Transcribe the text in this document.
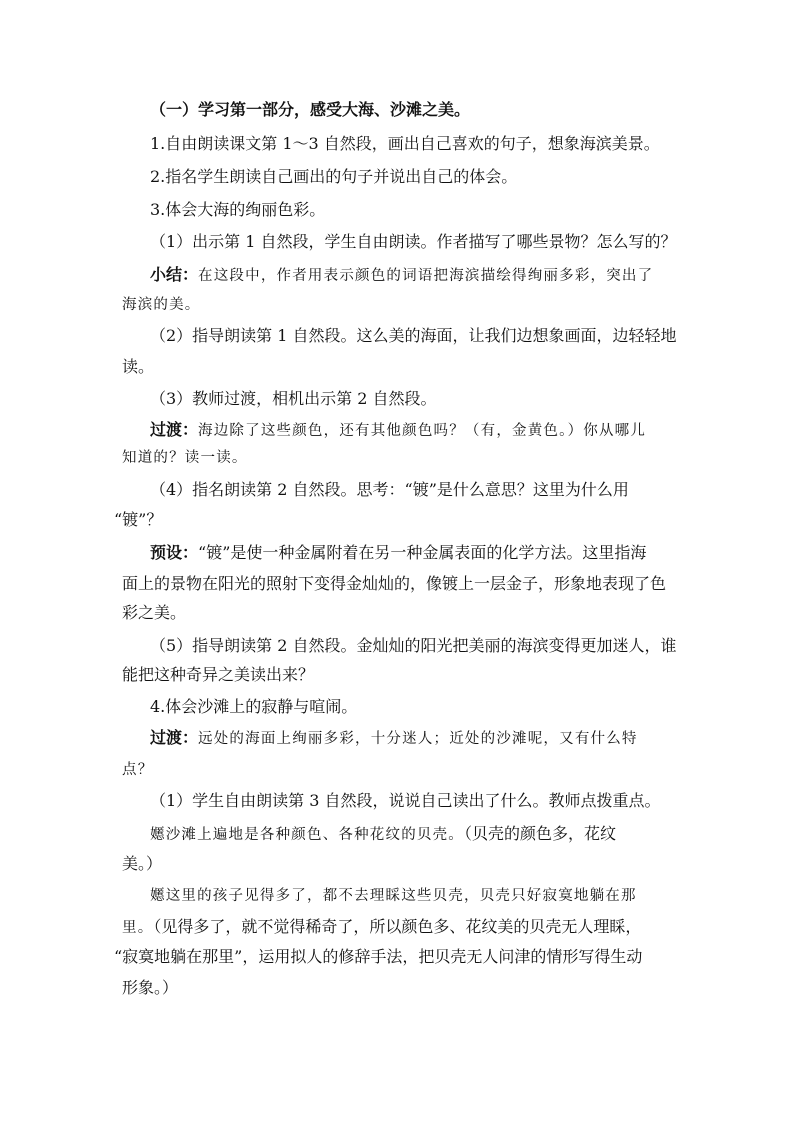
（一）学习第一部分，感受大海、沙滩之美。
1.自由朗读课文第 1～3 自然段，画出自己喜欢的句子，想象海滨美景。
2.指名学生朗读自己画出的句子并说出自己的体会。
3.体会大海的绚丽色彩。
（1）出示第 1 自然段，学生自由朗读。作者描写了哪些景物？怎么写的？
小结：在这段中，作者用表示颜色的词语把海滨描绘得绚丽多彩，突出了
海滨的美。
（2）指导朗读第 1 自然段。这么美的海面，让我们边想象画面，边轻轻地
读。
（3）教师过渡，相机出示第 2 自然段。
过渡：海边除了这些颜色，还有其他颜色吗？（有，金黄色。）你从哪儿
知道的？读一读。
（4）指名朗读第 2 自然段。思考：“镀”是什么意思？这里为什么用
“镀”？
预设：“镀”是使一种金属附着在另一种金属表面的化学方法。这里指海
面上的景物在阳光的照射下变得金灿灿的，像镀上一层金子，形象地表现了色
彩之美。
（5）指导朗读第 2 自然段。金灿灿的阳光把美丽的海滨变得更加迷人，谁
能把这种奇异之美读出来？
4.体会沙滩上的寂静与喧闹。
过渡：远处的海面上绚丽多彩，十分迷人；近处的沙滩呢，又有什么特
点？
（1）学生自由朗读第 3 自然段，说说自己读出了什么。教师点拨重点。
嬺沙滩上遍地是各种颜色、各种花纹的贝壳。（贝壳的颜色多，花纹
美。）
嬺这里的孩子见得多了，都不去理睬这些贝壳，贝壳只好寂寞地躺在那
里。（见得多了，就不觉得稀奇了，所以颜色多、花纹美的贝壳无人理睬，
“寂寞地躺在那里”，运用拟人的修辞手法，把贝壳无人问津的情形写得生动
形象。）
